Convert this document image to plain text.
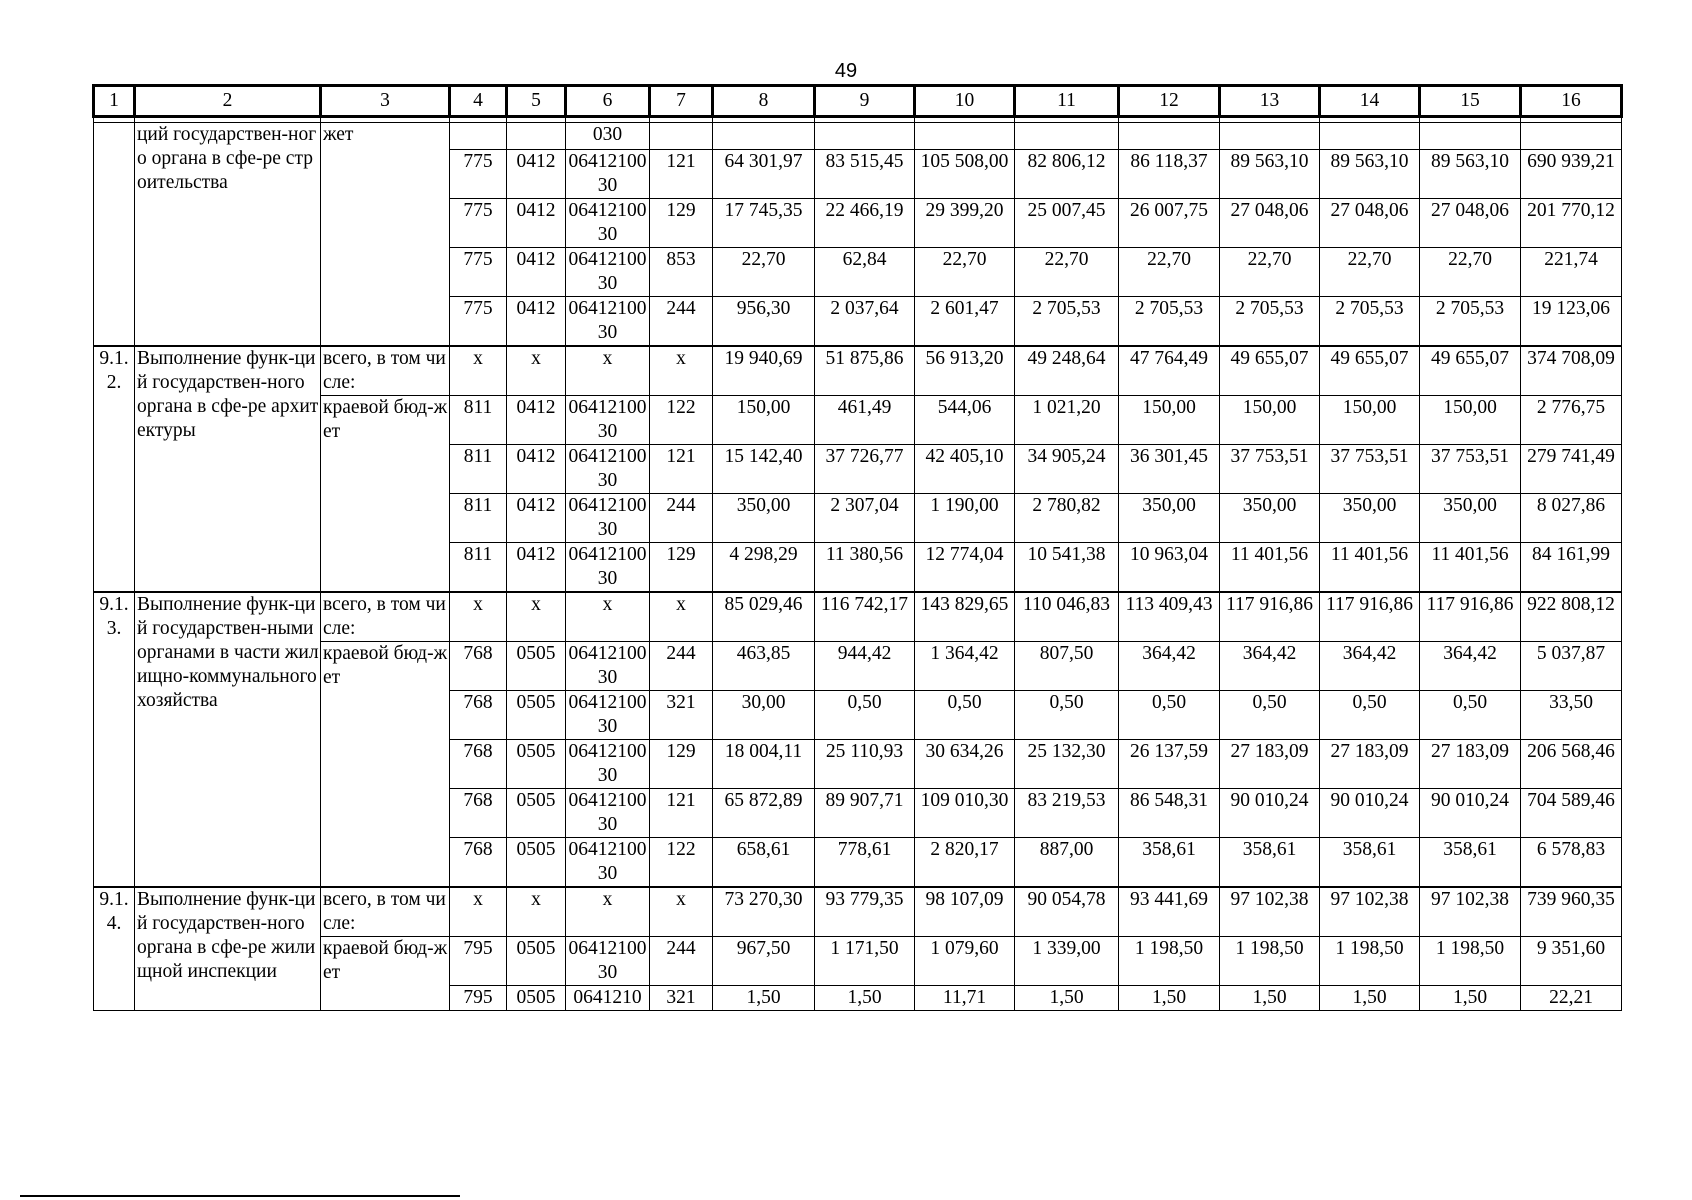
49
1	2	3	4	5	6	7	8	9	10	11	12	13	14	15	16

	ций государствен-ного органа в сфе-ре строительства	жет			030										
			775	0412	0641210030	121	64 301,97	83 515,45	105 508,00	82 806,12	86 118,37	89 563,10	89 563,10	89 563,10	690 939,21
			775	0412	0641210030	129	17 745,35	22 466,19	29 399,20	25 007,45	26 007,75	27 048,06	27 048,06	27 048,06	201 770,12
			775	0412	0641210030	853	22,70	62,84	22,70	22,70	22,70	22,70	22,70	22,70	221,74
			775	0412	0641210030	244	956,30	2 037,64	2 601,47	2 705,53	2 705,53	2 705,53	2 705,53	2 705,53	19 123,06
9.1.2.	Выполнение функ-ций государствен-ного органа в сфе-ре архитектуры	всего, в том числе:	х	х	х	х	19 940,69	51 875,86	56 913,20	49 248,64	47 764,49	49 655,07	49 655,07	49 655,07	374 708,09
		краевой бюд-жет	811	0412	0641210030	122	150,00	461,49	544,06	1 021,20	150,00	150,00	150,00	150,00	2 776,75
			811	0412	0641210030	121	15 142,40	37 726,77	42 405,10	34 905,24	36 301,45	37 753,51	37 753,51	37 753,51	279 741,49
			811	0412	0641210030	244	350,00	2 307,04	1 190,00	2 780,82	350,00	350,00	350,00	350,00	8 027,86
			811	0412	0641210030	129	4 298,29	11 380,56	12 774,04	10 541,38	10 963,04	11 401,56	11 401,56	11 401,56	84 161,99
9.1.3.	Выполнение функ-ций государствен-ными органами в части жилищно-коммунального хозяйства	всего, в том числе:	х	х	х	х	85 029,46	116 742,17	143 829,65	110 046,83	113 409,43	117 916,86	117 916,86	117 916,86	922 808,12
		краевой бюд-жет	768	0505	0641210030	244	463,85	944,42	1 364,42	807,50	364,42	364,42	364,42	364,42	5 037,87
			768	0505	0641210030	321	30,00	0,50	0,50	0,50	0,50	0,50	0,50	0,50	33,50
			768	0505	0641210030	129	18 004,11	25 110,93	30 634,26	25 132,30	26 137,59	27 183,09	27 183,09	27 183,09	206 568,46
			768	0505	0641210030	121	65 872,89	89 907,71	109 010,30	83 219,53	86 548,31	90 010,24	90 010,24	90 010,24	704 589,46
			768	0505	0641210030	122	658,61	778,61	2 820,17	887,00	358,61	358,61	358,61	358,61	6 578,83
9.1.4.	Выполнение функ-ций государствен-ного органа в сфе-ре жилищной инспекции	всего, в том числе:	х	х	х	х	73 270,30	93 779,35	98 107,09	90 054,78	93 441,69	97 102,38	97 102,38	97 102,38	739 960,35
		краевой бюд-жет	795	0505	0641210030	244	967,50	1 171,50	1 079,60	1 339,00	1 198,50	1 198,50	1 198,50	1 198,50	9 351,60
			795	0505	0641210	321	1,50	1,50	11,71	1,50	1,50	1,50	1,50	1,50	22,21
